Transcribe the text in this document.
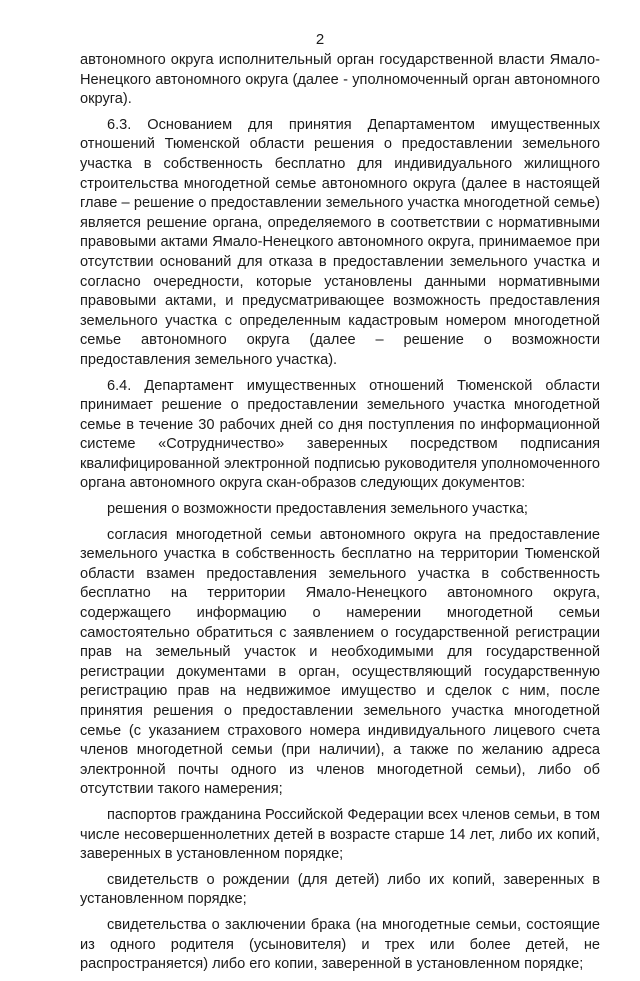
2

автономного округа исполнительный орган государственной власти Ямало-Ненецкого автономного округа (далее - уполномоченный орган автономного округа).

6.3. Основанием для принятия Департаментом имущественных отношений Тюменской области решения о предоставлении земельного участка в собственность бесплатно для индивидуального жилищного строительства многодетной семье автономного округа (далее в настоящей главе – решение о предоставлении земельного участка многодетной семье) является решение органа, определяемого в соответствии с нормативными правовыми актами Ямало-Ненецкого автономного округа, принимаемое при отсутствии оснований для отказа в предоставлении земельного участка и согласно очередности, которые установлены данными нормативными правовыми актами, и предусматривающее возможность предоставления земельного участка с определенным кадастровым номером многодетной семье автономного округа (далее – решение о возможности предоставления земельного участка).

6.4. Департамент имущественных отношений Тюменской области принимает решение о предоставлении земельного участка многодетной семье в течение 30 рабочих дней со дня поступления по информационной системе «Сотрудничество» заверенных посредством подписания квалифицированной электронной подписью руководителя уполномоченного органа автономного округа скан-образов следующих документов:

решения о возможности предоставления земельного участка;

согласия многодетной семьи автономного округа на предоставление земельного участка в собственность бесплатно на территории Тюменской области взамен предоставления земельного участка в собственность бесплатно на территории Ямало-Ненецкого автономного округа, содержащего информацию о намерении многодетной семьи самостоятельно обратиться с заявлением о государственной регистрации прав на земельный участок и необходимыми для государственной регистрации документами в орган, осуществляющий государственную регистрацию прав на недвижимое имущество и сделок с ним, после принятия решения о предоставлении земельного участка многодетной семье (с указанием страхового номера индивидуального лицевого счета членов многодетной семьи (при наличии), а также по желанию адреса электронной почты одного из членов многодетной семьи), либо об отсутствии такого намерения;

паспортов гражданина Российской Федерации всех членов семьи, в том числе несовершеннолетних детей в возрасте старше 14 лет, либо их копий, заверенных в установленном порядке;

свидетельств о рождении (для детей) либо их копий, заверенных в установленном порядке;

свидетельства о заключении брака (на многодетные семьи, состоящие из одного родителя (усыновителя) и трех или более детей, не распространяется) либо его копии, заверенной в установленном порядке;
